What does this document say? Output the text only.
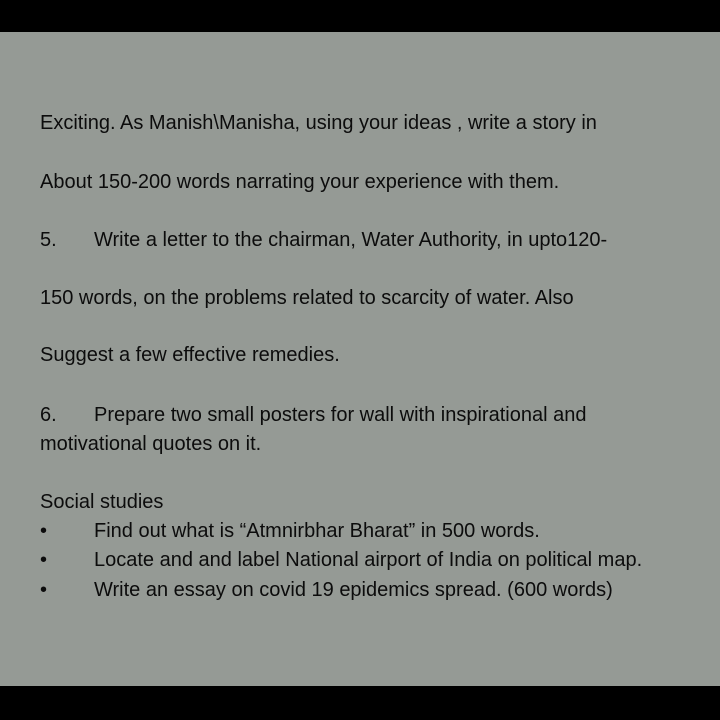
Exciting. As Manish\Manisha, using your ideas , write a story in
About 150-200 words narrating your experience with them.
5. Write a letter to the chairman, Water Authority, in upto120-
150 words, on the problems related to scarcity of water. Also
Suggest a few effective remedies.
6. Prepare two small posters for wall with inspirational and
motivational quotes on it.
Social studies
• Find out what is “Atmnirbhar Bharat” in 500 words.
• Locate and and label National airport of India on political map.
• Write an essay on covid 19 epidemics spread. (600 words)
